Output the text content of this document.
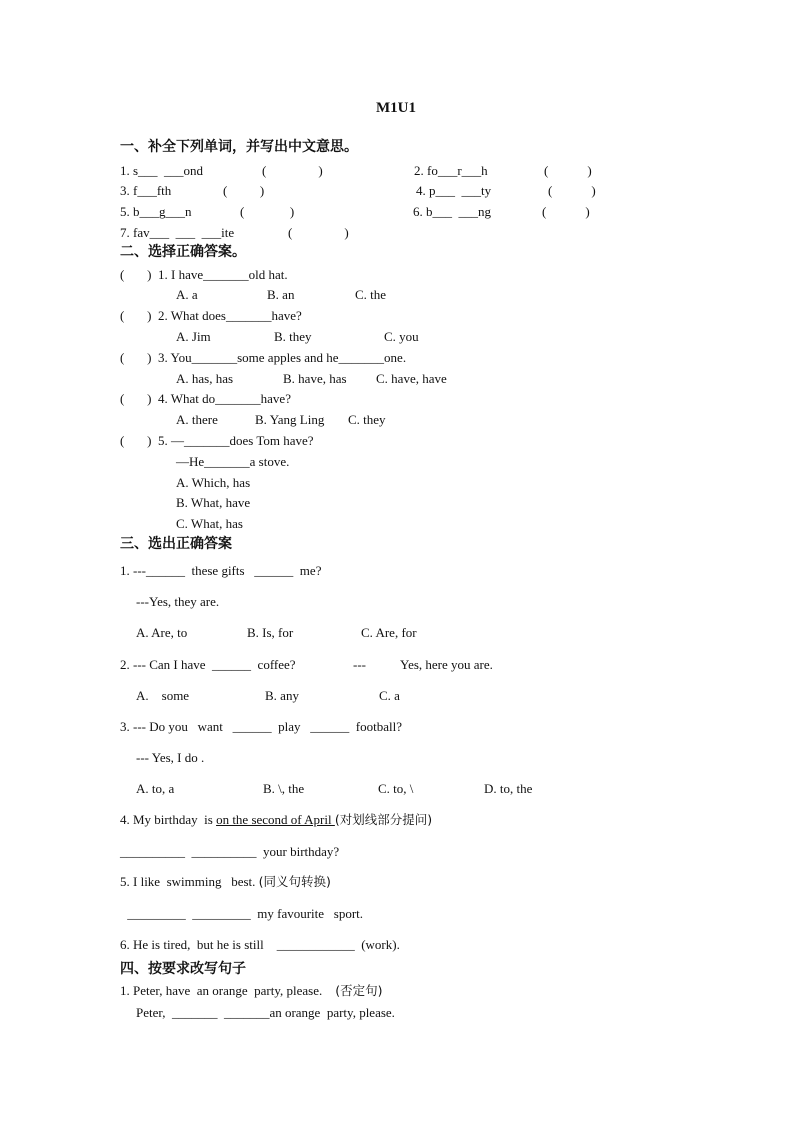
M1U1
一、补全下列单词，并写出中文意思。
1. s___  ___ond	(                )	2. fo___r___h	(            )
3. f___fth	(          )	4. p___  ___ty	(            )
5. b___g___n	(              )	6. b___  ___ng	(            )
7. fav___  ___  ___ite	(                )
二、选择正确答案。
(       ) 1. I have_______old hat.
A. a	B. an	C. the
(       ) 2. What does_______have?
A. Jim	B. they	C. you
(       ) 3. You_______some apples and he_______one.
A. has, has	B. have, has C. have, have
(       ) 4. What do_______have?
A. there	B. Yang Ling C. they
(       ) 5. —_______does Tom have?
—He_______a stove.
A. Which, has
B. What, have
C. What, has
三、选出正确答案
1. ---______  these gifts   ______  me?
---Yes, they are.
A. Are, to	B. Is, for	C. Are, for
2. --- Can I have  ______  coffee?	---	Yes, here you are.
A.    some	B. any	C. a
3. --- Do you   want   ______  play   ______  football?
--- Yes, I do .
A. to, a	B. \, the	C. to, \	D. to, the
4. My birthday  is on the second of April (对划线部分提问)
__________  __________  your birthday?
5. I like  swimming   best. (同义句转换)
_________  _________  my favourite   sport.
6. He is tired,  but he is still    ____________  (work).
四、按要求改写句子
1. Peter, have  an orange  party, please. (否定句)
Peter,  _______  _______an orange  party, please.
